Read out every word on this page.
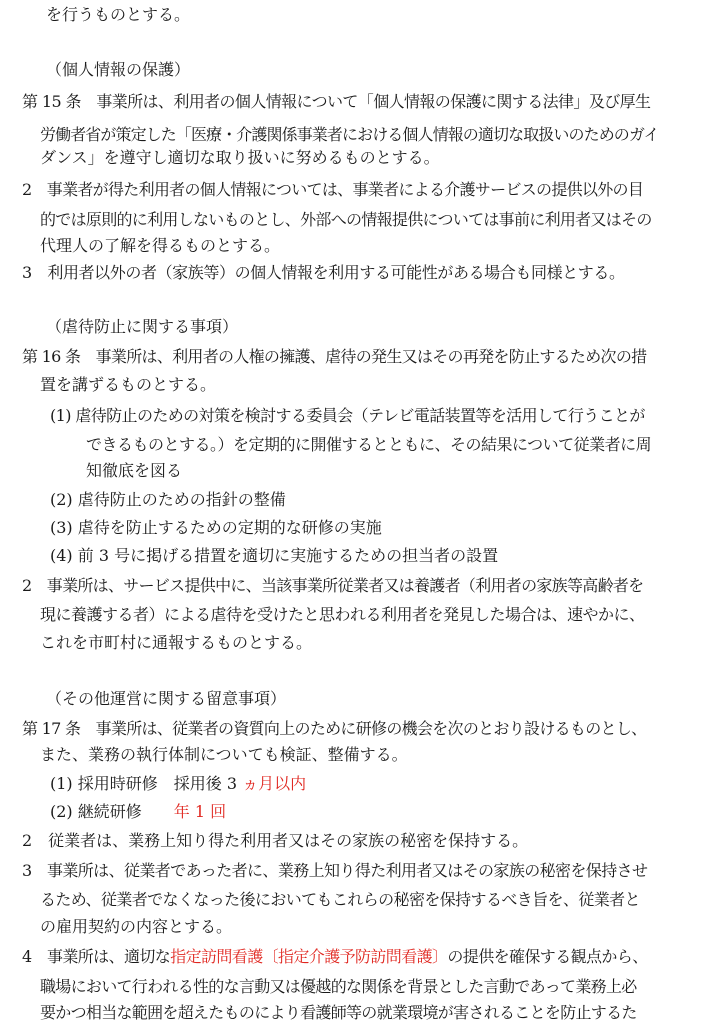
を行うものとする。
（個人情報の保護）
第 15 条　事業所は、利用者の個人情報について「個人情報の保護に関する法律」及び厚生
労働者省が策定した「医療・介護関係事業者における個人情報の適切な取扱いのためのガイ
ダンス」を遵守し適切な取り扱いに努めるものとする。
2　事業者が得た利用者の個人情報については、事業者による介護サービスの提供以外の目
的では原則的に利用しないものとし、外部への情報提供については事前に利用者又はその
代理人の了解を得るものとする。
3　利用者以外の者（家族等）の個人情報を利用する可能性がある場合も同様とする。
（虐待防止に関する事項）
第 16 条　事業所は、利用者の人権の擁護、虐待の発生又はその再発を防止するため次の措
置を講ずるものとする。
(1) 虐待防止のための対策を検討する委員会（テレビ電話装置等を活用して行うことが
できるものとする。）を定期的に開催するとともに、その結果について従業者に周
知徹底を図る
(2) 虐待防止のための指針の整備
(3) 虐待を防止するための定期的な研修の実施
(4) 前 3 号に掲げる措置を適切に実施するための担当者の設置
2　事業所は、サービス提供中に、当該事業所従業者又は養護者（利用者の家族等高齢者を
現に養護する者）による虐待を受けたと思われる利用者を発見した場合は、速やかに、
これを市町村に通報するものとする。
（その他運営に関する留意事項）
第 17 条　事業所は、従業者の資質向上のために研修の機会を次のとおり設けるものとし、
また、業務の執行体制についても検証、整備する。
(1) 採用時研修　採用後 3 ヵ月以内
(2) 継続研修　　年 1 回
2　従業者は、業務上知り得た利用者又はその家族の秘密を保持する。
3　事業所は、従業者であった者に、業務上知り得た利用者又はその家族の秘密を保持させ
るため、従業者でなくなった後においてもこれらの秘密を保持するべき旨を、従業者と
の雇用契約の内容とする。
4　事業所は、適切な指定訪問看護〔指定介護予防訪問看護〕の提供を確保する観点から、
職場において行われる性的な言動又は優越的な関係を背景とした言動であって業務上必
要かつ相当な範囲を超えたものにより看護師等の就業環境が害されることを防止するた
